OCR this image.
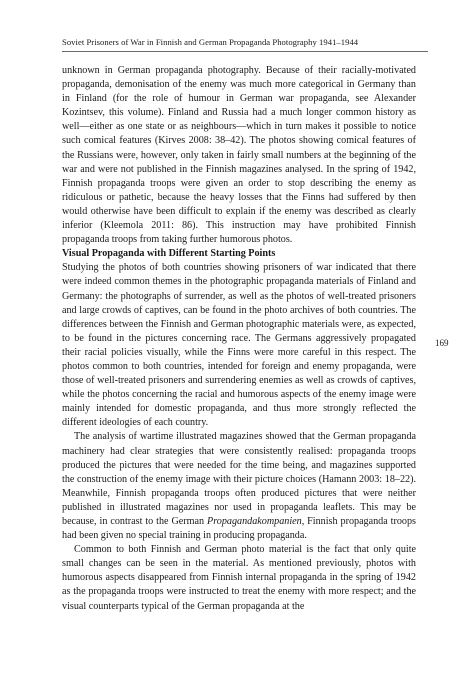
Soviet Prisoners of War in Finnish and German Propaganda Photography 1941–1944

unknown in German propaganda photography. Because of their racially-motivated propaganda, demonisation of the enemy was much more categorical in Germany than in Finland (for the role of humour in German war propaganda, see Alexander Kozintsev, this volume). Finland and Russia had a much longer common history as well—either as one state or as neighbours—which in turn makes it possible to notice such comical features (Kirves 2008: 38–42). The photos showing comical features of the Russians were, however, only taken in fairly small numbers at the beginning of the war and were not published in the Finnish magazines analysed. In the spring of 1942, Finnish propaganda troops were given an order to stop describing the enemy as ridiculous or pathetic, because the heavy losses that the Finns had suffered by then would otherwise have been difficult to explain if the enemy was described as clearly inferior (Kleemola 2011: 86). This instruction may have prohibited Finnish propaganda troops from taking further humorous photos.

Visual Propaganda with Different Starting Points

Studying the photos of both countries showing prisoners of war indicated that there were indeed common themes in the photographic propaganda materials of Finland and Germany: the photographs of surrender, as well as the photos of well-treated prisoners and large crowds of captives, can be found in the photo archives of both countries. The differences between the Finnish and German photographic materials were, as expected, to be found in the pictures concerning race. The Germans aggressively propagated their racial policies visually, while the Finns were more careful in this respect. The photos common to both countries, intended for foreign and enemy propaganda, were those of well-treated prisoners and surrendering enemies as well as crowds of captives, while the photos concerning the racial and humorous aspects of the enemy image were mainly intended for domestic propaganda, and thus more strongly reflected the different ideologies of each country.

The analysis of wartime illustrated magazines showed that the German propaganda machinery had clear strategies that were consistently realised: propaganda troops produced the pictures that were needed for the time being, and magazines supported the construction of the enemy image with their picture choices (Hamann 2003: 18–22). Meanwhile, Finnish propaganda troops often produced pictures that were neither published in illustrated magazines nor used in propaganda leaflets. This may be because, in contrast to the German Propagandakompanien, Finnish propaganda troops had been given no special training in producing propaganda.

Common to both Finnish and German photo material is the fact that only quite small changes can be seen in the material. As mentioned previously, photos with humorous aspects disappeared from Finnish internal propaganda in the spring of 1942 as the propaganda troops were instructed to treat the enemy with more respect; and the visual counterparts typical of the German propaganda at the

169
